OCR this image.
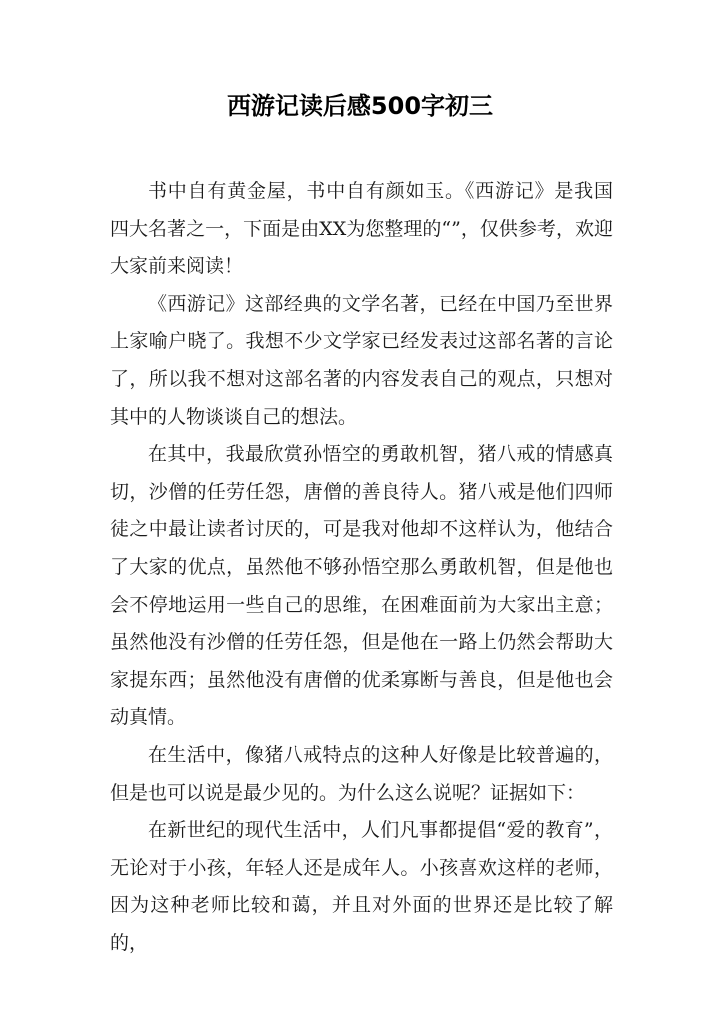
西游记读后感500字初三

书中自有黄金屋，书中自有颜如玉。《西游记》是我国四大名著之一，下面是由XX为您整理的“”，仅供参考，欢迎大家前来阅读！

《西游记》这部经典的文学名著，已经在中国乃至世界上家喻户晓了。我想不少文学家已经发表过这部名著的言论了，所以我不想对这部名著的内容发表自己的观点，只想对其中的人物谈谈自己的想法。

在其中，我最欣赏孙悟空的勇敢机智，猪八戒的情感真切，沙僧的任劳任怨，唐僧的善良待人。猪八戒是他们四师徒之中最让读者讨厌的，可是我对他却不这样认为，他结合了大家的优点，虽然他不够孙悟空那么勇敢机智，但是他也会不停地运用一些自己的思维，在困难面前为大家出主意；虽然他没有沙僧的任劳任怨，但是他在一路上仍然会帮助大家提东西；虽然他没有唐僧的优柔寡断与善良，但是他也会动真情。

在生活中，像猪八戒特点的这种人好像是比较普遍的，但是也可以说是最少见的。为什么这么说呢？证据如下：

在新世纪的现代生活中，人们凡事都提倡“爱的教育”，无论对于小孩，年轻人还是成年人。小孩喜欢这样的老师，因为这种老师比较和蔼，并且对外面的世界还是比较了解的，
